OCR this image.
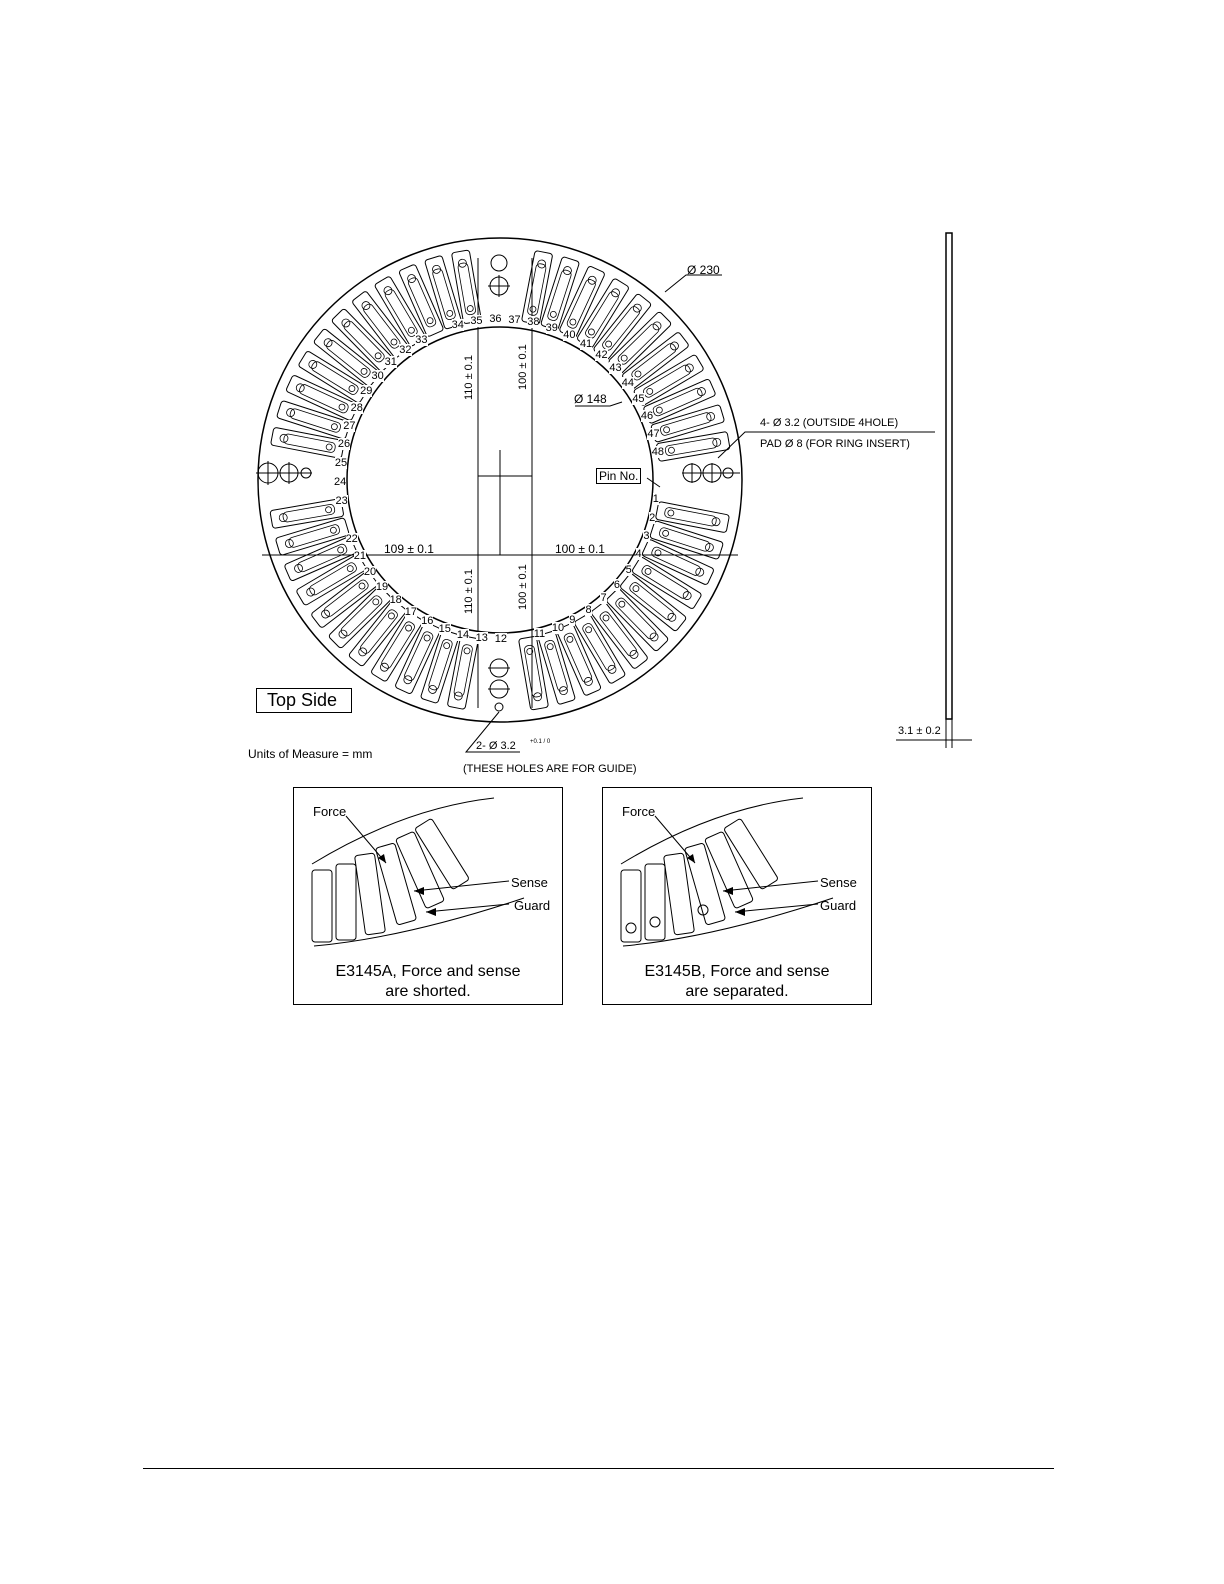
Ø 230
Ø 148
4- Ø 3.2 (OUTSIDE 4HOLE)
PAD Ø 8 (FOR RING INSERT)
Pin No.
109 ± 0.1	100 ± 0.1
110 ± 0.1	100 ± 0.1
110 ± 0.1	100 ± 0.1
3.1 ± 0.2
Top Side
Units of Measure = mm
2- Ø 3.2 +0.1 / 0
(THESE HOLES ARE FOR GUIDE)
1
2
3
4
5
6
7
8
9
10
11
12
13
14
15
16
17
18
19
20
21
22
23
24
25
26
27
28
29
30
31
32
33
34 35 36 37 38 39
40
41
42
43
44
45
46
47
48
Force
Sense
Guard
E3145A, Force and sense
are shorted.
Force
Sense
Guard
E3145B, Force and sense
are separated.
